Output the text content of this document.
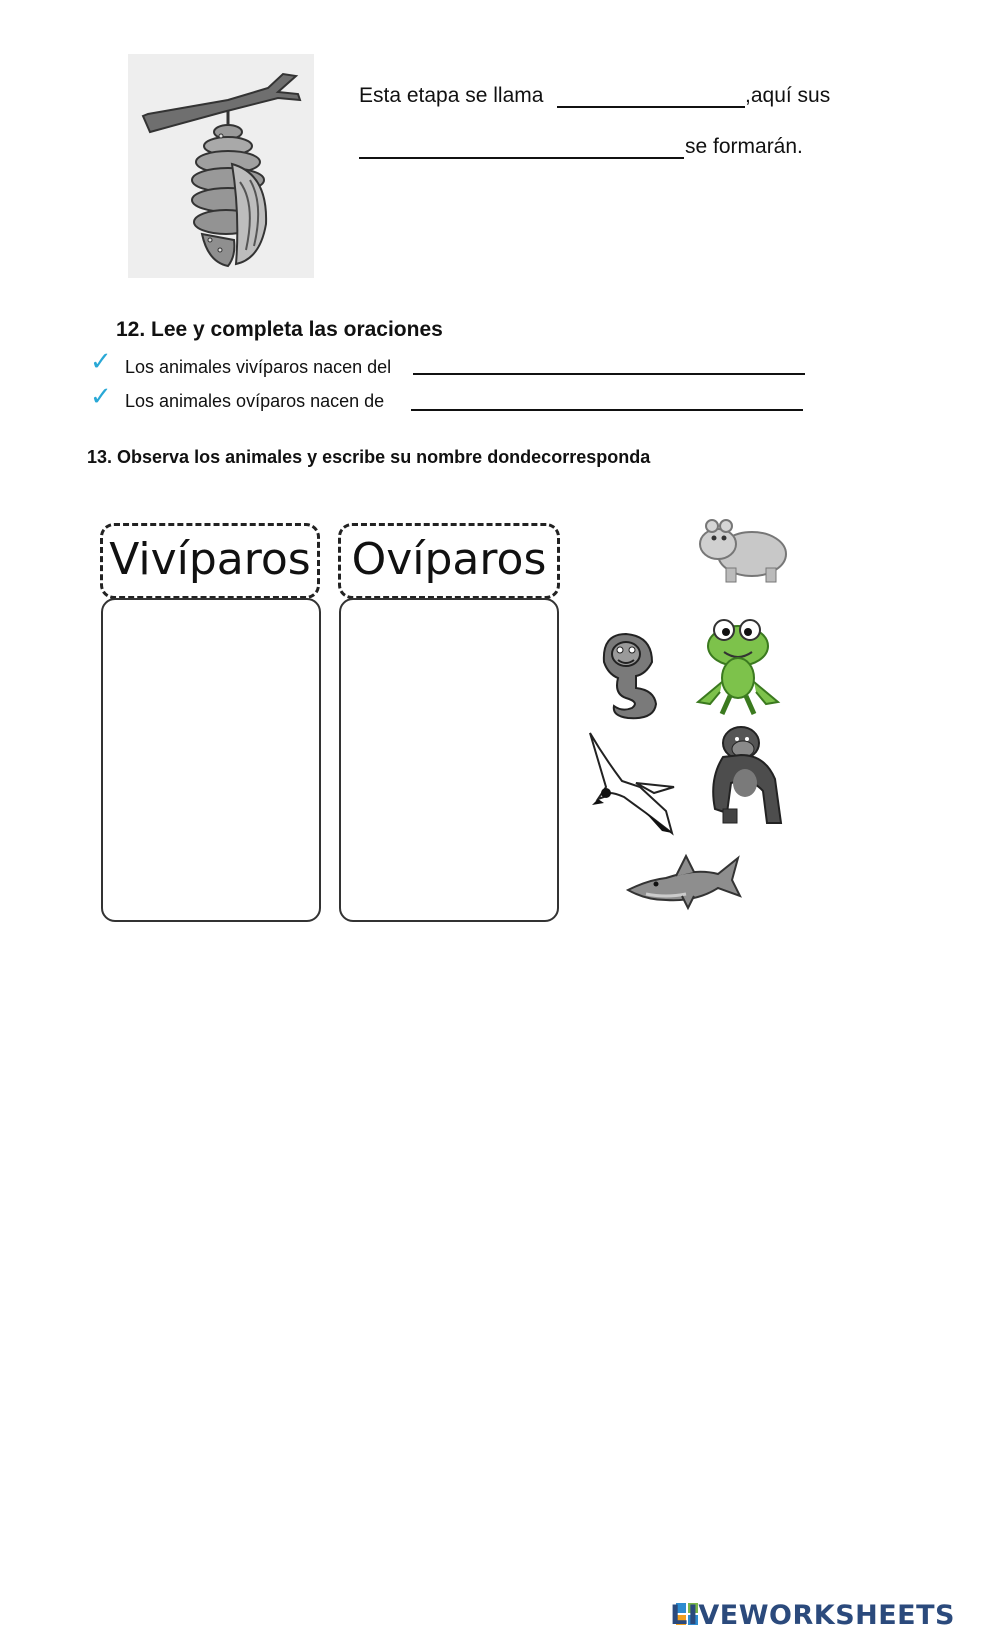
Esta etapa se llama	,aquí sus
se formarán.
12. Lee y completa las oraciones
✓ Los animales vivíparos nacen del
✓ Los animales ovíparos nacen de
13. Observa los animales y escribe su nombre dondecorresponda
Vivíparos Ovíparos
LIVEWORKSHEETS
